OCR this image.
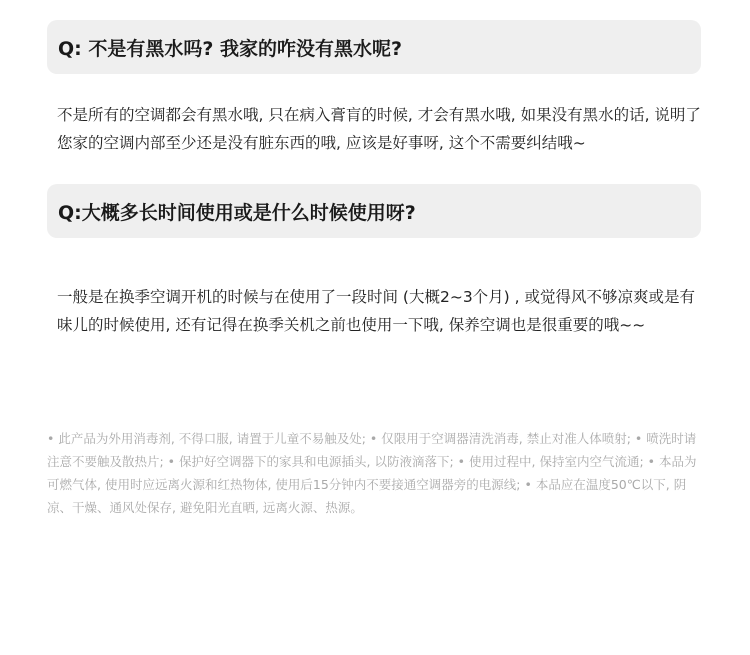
Q: 不是有黑水吗? 我家的咋没有黑水呢?

不是所有的空调都会有黑水哦, 只在病入膏肓的时候, 才会有黑水哦, 如果没有黑水的话, 说明了您家的空调内部至少还是没有脏东西的哦, 应该是好事呀, 这个不需要纠结哦~

Q:大概多长时间使用或是什么时候使用呀?

一般是在换季空调开机的时候与在使用了一段时间 (大概2~3个月) , 或觉得风不够凉爽或是有味儿的时候使用, 还有记得在换季关机之前也使用一下哦, 保养空调也是很重要的哦~~

• 此产品为外用消毒剂, 不得口服, 请置于儿童不易触及处; • 仅限用于空调器清洗消毒, 禁止对准人体喷射; • 喷洗时请注意不要触及散热片; • 保护好空调器下的家具和电源插头, 以防液滴落下; • 使用过程中, 保持室内空气流通; • 本品为可燃气体, 使用时应远离火源和红热物体, 使用后15分钟内不要接通空调器旁的电源线; • 本品应在温度50℃以下, 阴凉、干燥、通风处保存, 避免阳光直晒, 远离火源、热源。
